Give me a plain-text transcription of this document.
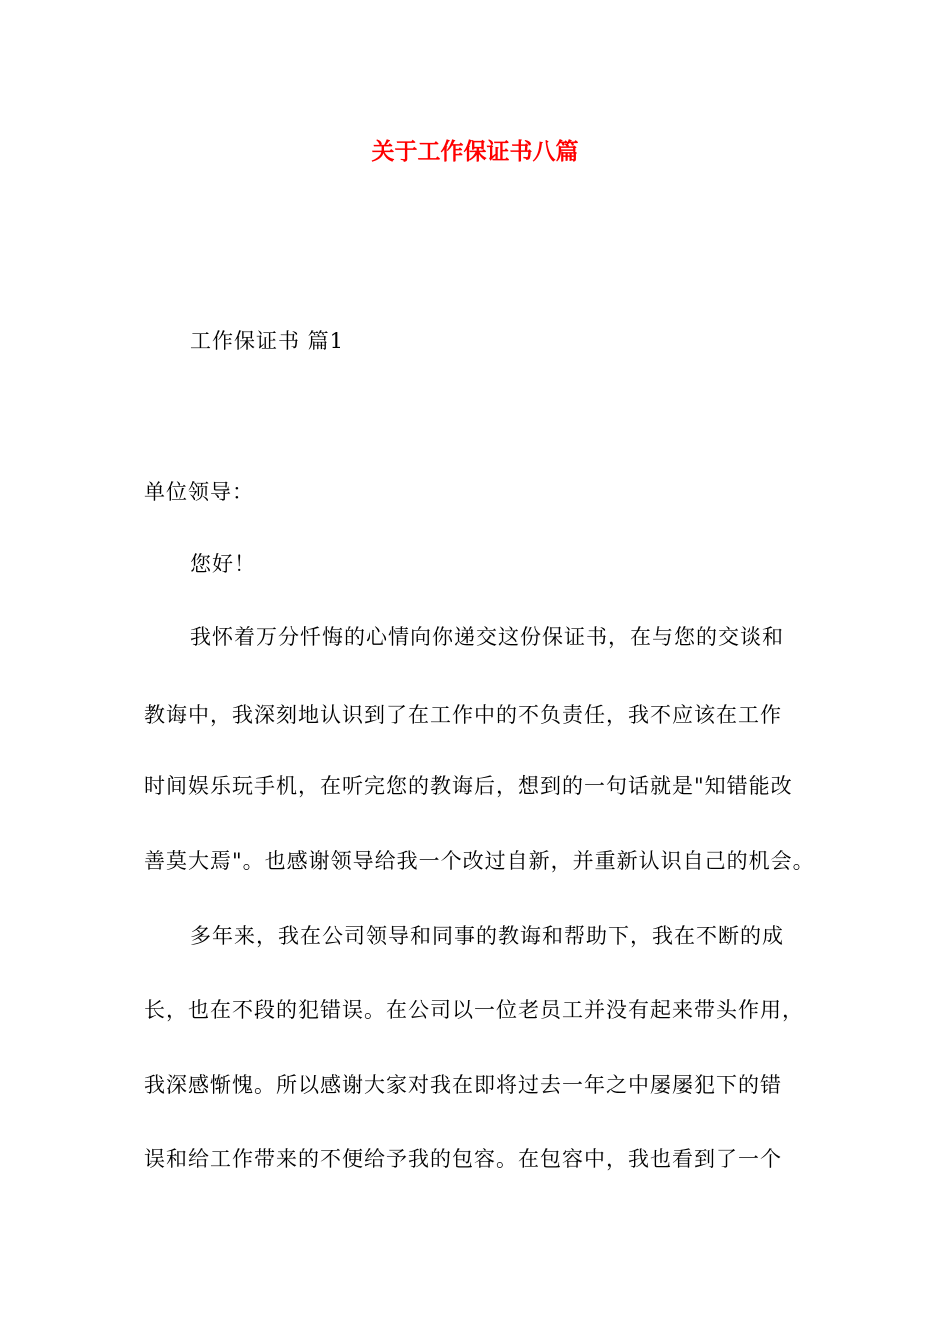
关于工作保证书八篇
工作保证书 篇1
单位领导：
您好！
我怀着万分忏悔的心情向你递交这份保证书，在与您的交谈和
教诲中，我深刻地认识到了在工作中的不负责任，我不应该在工作
时间娱乐玩手机，在听完您的教诲后，想到的一句话就是"知错能改
善莫大焉"。也感谢领导给我一个改过自新，并重新认识自己的机会。
多年来，我在公司领导和同事的教诲和帮助下，我在不断的成
长，也在不段的犯错误。在公司以一位老员工并没有起来带头作用，
我深感惭愧。所以感谢大家对我在即将过去一年之中屡屡犯下的错
误和给工作带来的不便给予我的包容。在包容中，我也看到了一个
